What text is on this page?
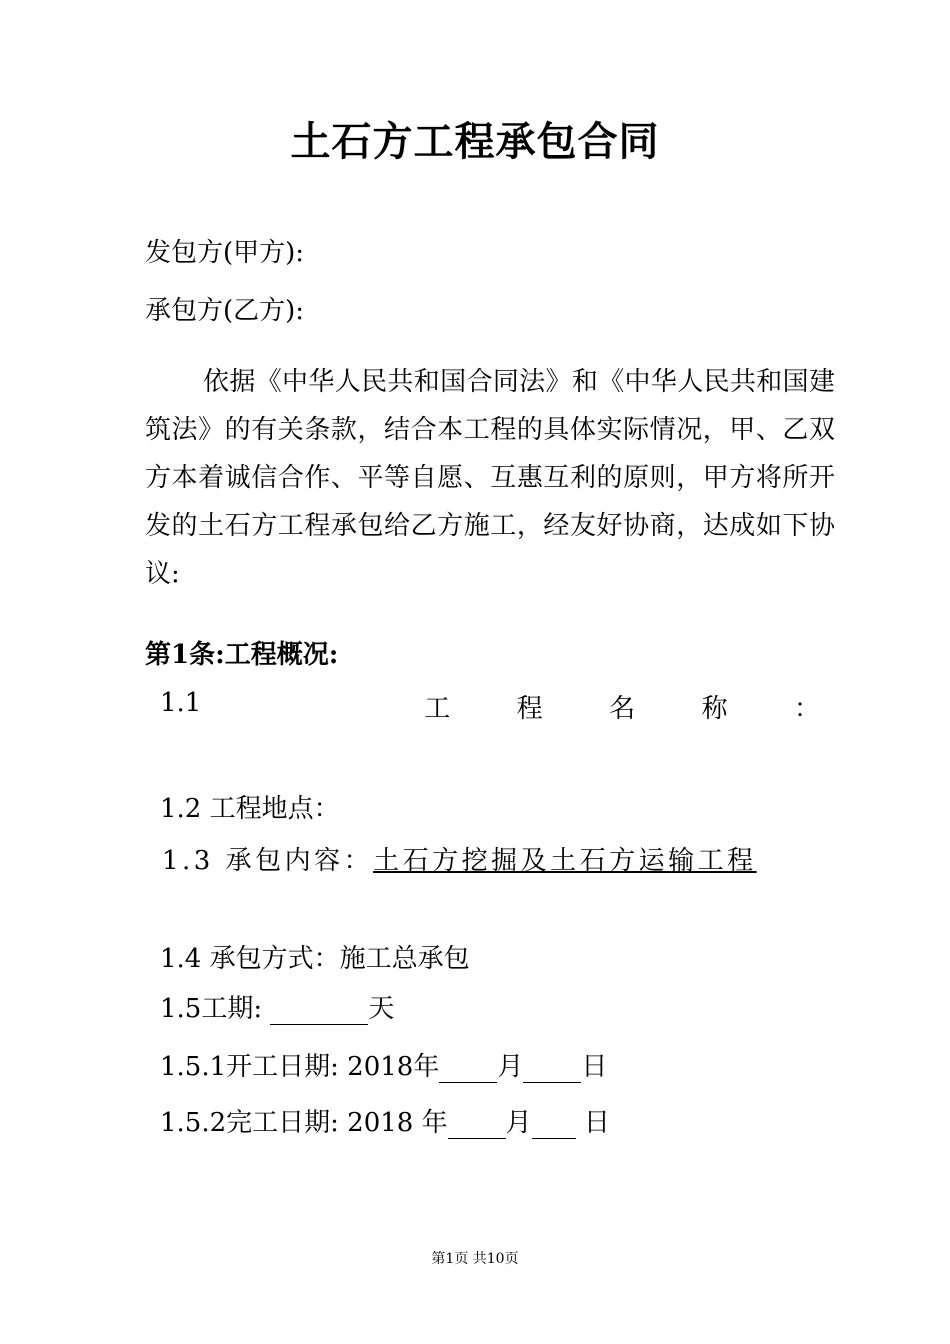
土石方工程承包合同
发包方(甲方):
承包方(乙方):
依据《中华人民共和国合同法》和《中华人民共和国建筑法》的有关条款，结合本工程的具体实际情况，甲、乙双方本着诚信合作、平等自愿、互惠互利的原则，甲方将所开发的土石方工程承包给乙方施工，经友好协商，达成如下协议:
第1条:工程概况:
1.1	工	程	名	称	：
1.2 工程地点：
1.3 承包内容：土石方挖掘及土石方运输工程
1.4 承包方式：施工总承包
1.5工期:	天
1.5.1开工日期: 2018年 月 日
1.5.2完工日期: 2018 年 月 日
第1页 共10页
